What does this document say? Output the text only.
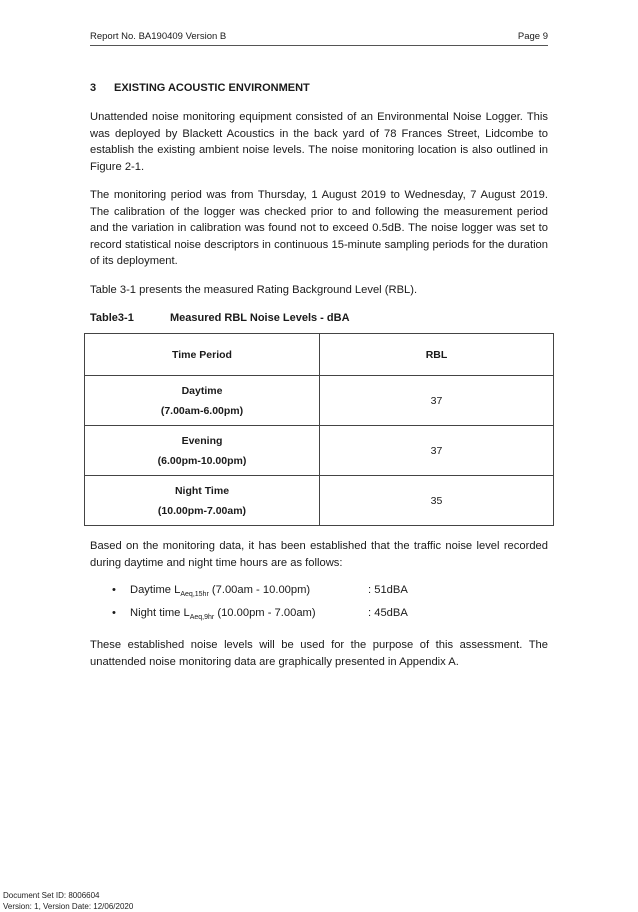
Report No. BA190409 Version B	Page 9
3 EXISTING ACOUSTIC ENVIRONMENT

Unattended noise monitoring equipment consisted of an Environmental Noise Logger. This was deployed by Blackett Acoustics in the back yard of 78 Frances Street, Lidcombe to establish the existing ambient noise levels. The noise monitoring location is also outlined in Figure 2-1.

The monitoring period was from Thursday, 1 August 2019 to Wednesday, 7 August 2019. The calibration of the logger was checked prior to and following the measurement period and the variation in calibration was found not to exceed 0.5dB. The noise logger was set to record statistical noise descriptors in continuous 15-minute sampling periods for the duration of its deployment.

Table 3-1 presents the measured Rating Background Level (RBL).

Table3-1	Measured RBL Noise Levels - dBA
Time Period	RBL

Daytime
(7.00am-6.00pm)	37

Evening
(6.00pm-10.00pm)	37

Night Time
(10.00pm-7.00am)	35

Based on the monitoring data, it has been established that the traffic noise level recorded during daytime and night time hours are as follows:

•	Daytime $L_{Aeq,15hr}$ (7.00am - 10.00pm)	: 51dBA
•	Night time $L_{Aeq,9hr}$ (10.00pm - 7.00am)	: 45dBA

These established noise levels will be used for the purpose of this assessment. The unattended noise monitoring data are graphically presented in Appendix A.

Document Set ID: 8006604
Version: 1, Version Date: 12/06/2020
